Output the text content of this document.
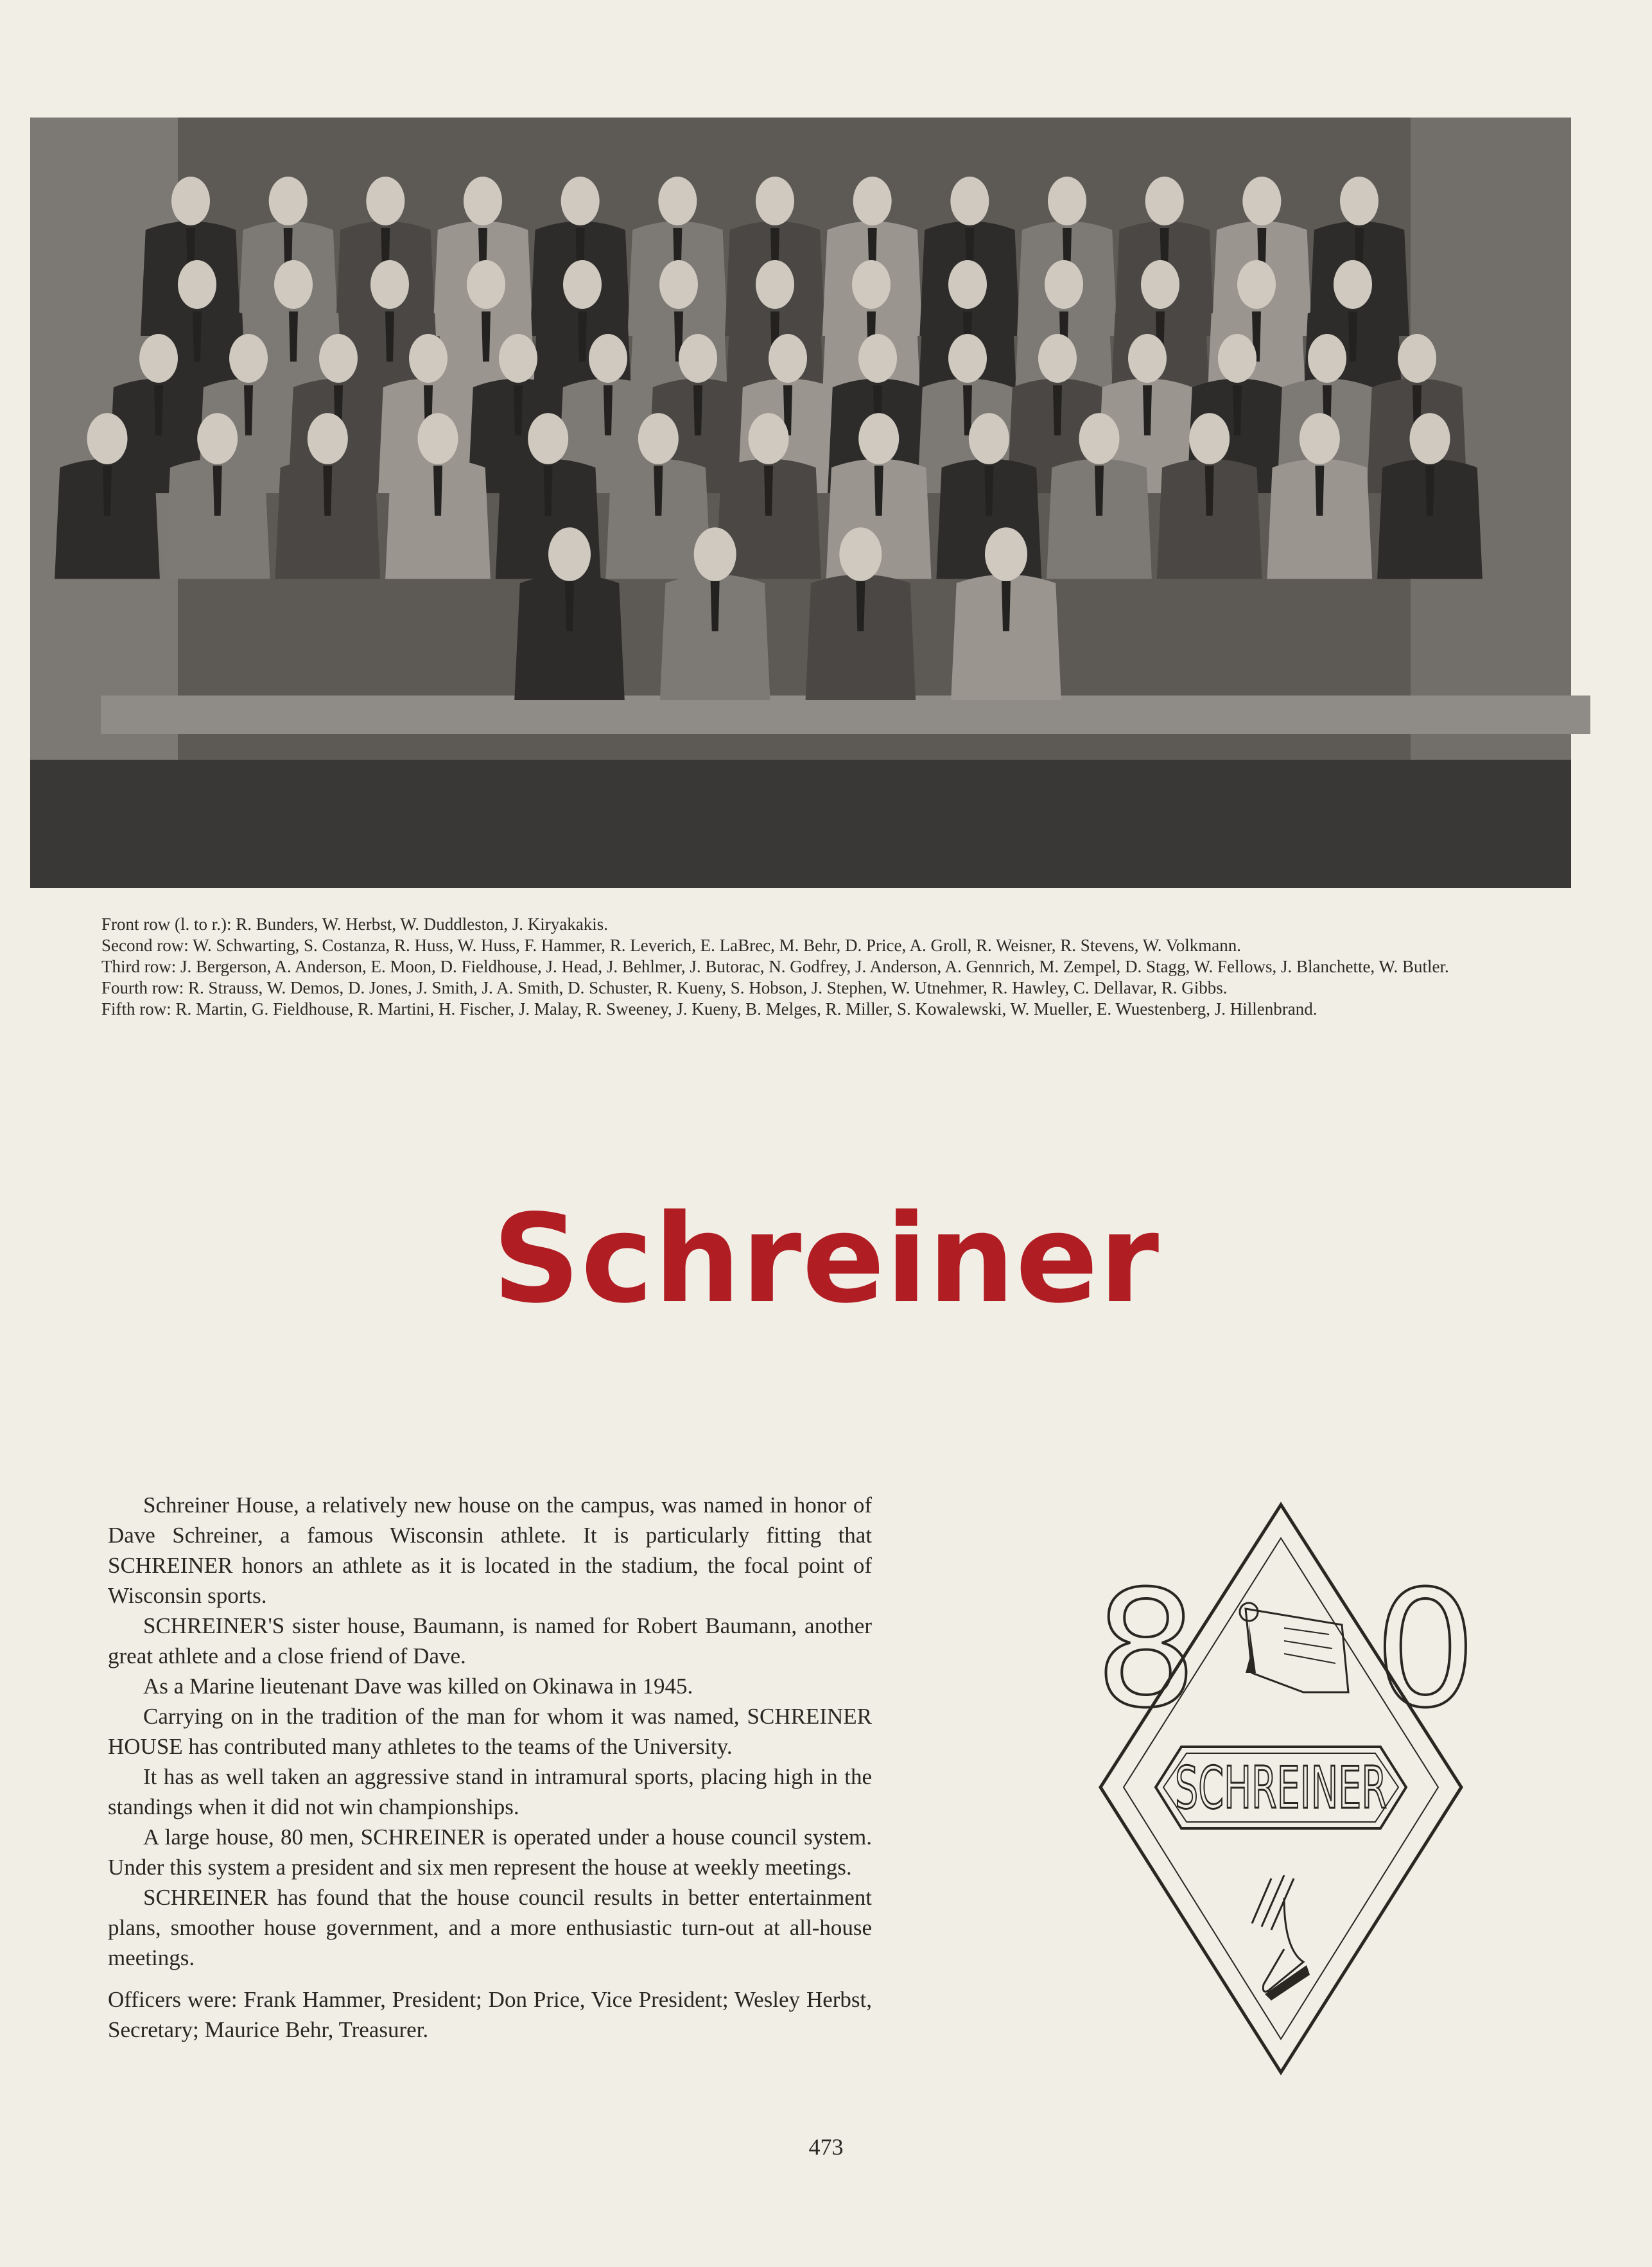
Front row (l. to r.): R. Bunders, W. Herbst, W. Duddleston, J. Kiryakakis.

Second row: W. Schwarting, S. Costanza, R. Huss, W. Huss, F. Hammer, R. Leverich, E. LaBrec, M. Behr, D. Price, A. Groll, R. Weisner, R. Stevens, W. Volkmann.

Third row: J. Bergerson, A. Anderson, E. Moon, D. Fieldhouse, J. Head, J. Behlmer, J. Butorac, N. Godfrey, J. Anderson, A. Gennrich, M. Zempel, D. Stagg, W. Fellows, J. Blanchette, W. Butler.

Fourth row: R. Strauss, W. Demos, D. Jones, J. Smith, J. A. Smith, D. Schuster, R. Kueny, S. Hobson, J. Stephen, W. Utnehmer, R. Hawley, C. Dellavar, R. Gibbs.

Fifth row: R. Martin, G. Fieldhouse, R. Martini, H. Fischer, J. Malay, R. Sweeney, J. Kueny, B. Melges, R. Miller, S. Kowalewski, W. Mueller, E. Wuestenberg, J. Hillenbrand.

Schreiner

Schreiner House, a relatively new house on the campus, was named in honor of Dave Schreiner, a famous Wisconsin athlete. It is particularly fitting that SCHREINER honors an athlete as it is located in the stadium, the focal point of Wisconsin sports.

SCHREINER'S sister house, Baumann, is named for Robert Baumann, another great athlete and a close friend of Dave.

As a Marine lieutenant Dave was killed on Okinawa in 1945.

Carrying on in the tradition of the man for whom it was named, SCHREINER HOUSE has contributed many athletes to the teams of the University.

It has as well taken an aggressive stand in intramural sports, placing high in the standings when it did not win championships.

A large house, 80 men, SCHREINER is operated under a house council system. Under this system a president and six men represent the house at weekly meetings.

SCHREINER has found that the house council results in better entertainment plans, smoother house government, and a more enthusiastic turn-out at all-house meetings.

Officers were: Frank Hammer, President; Don Price, Vice President; Wesley Herbst, Secretary; Maurice Behr, Treasurer.

8 0
SCHREINER
473
